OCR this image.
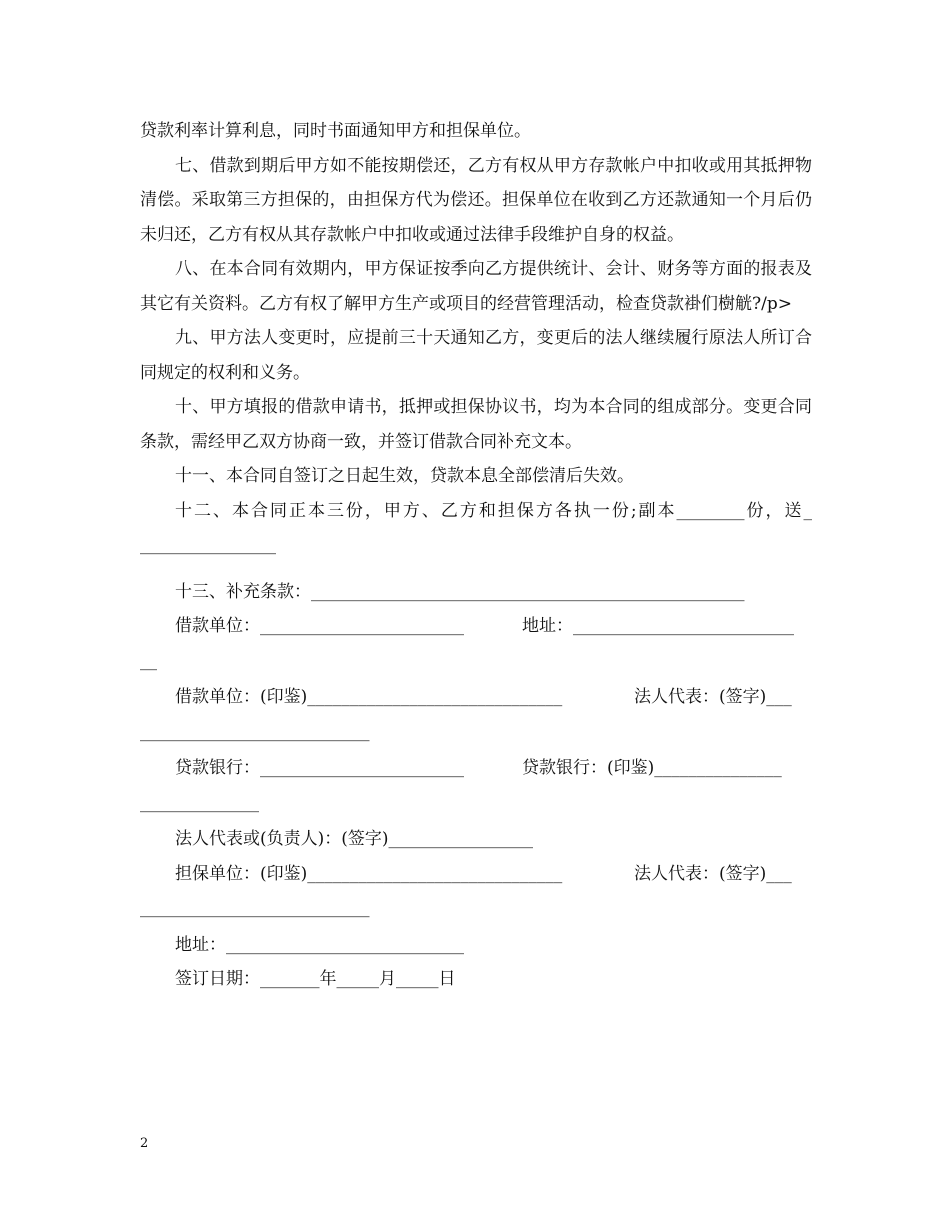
贷款利率计算利息，同时书面通知甲方和担保单位。

七、借款到期后甲方如不能按期偿还，乙方有权从甲方存款帐户中扣收或用其抵押物清偿。采取第三方担保的，由担保方代为偿还。担保单位在收到乙方还款通知一个月后仍未归还，乙方有权从其存款帐户中扣收或通过法律手段维护自身的权益。

八、在本合同有效期内，甲方保证按季向乙方提供统计、会计、财务等方面的报表及其它有关资料。乙方有权了解甲方生产或项目的经营管理活动，检查贷款褂们樹觥?/p>

九、甲方法人变更时，应提前三十天通知乙方，变更后的法人继续履行原法人所订合同规定的权利和义务。

十、甲方填报的借款申请书，抵押或担保协议书，均为本合同的组成部分。变更合同条款，需经甲乙双方协商一致，并签订借款合同补充文本。

十一、本合同自签订之日起生效，贷款本息全部偿清后失效。

十二、本合同正本三份，甲方、乙方和担保方各执一份;副本________份，送_ ________________

十三、补充条款：___________________________________________________
借款单位：________________________	地址：__________________________
__
借款单位：(印鉴)______________________________	法人代表：(签字)___
___________________________
贷款银行：________________________	贷款银行：(印鉴)_______________
______________
法人代表或(负责人)：(签字)_________________
担保单位：(印鉴)______________________________	法人代表：(签字)___
___________________________
地址：____________________________
签订日期：_______年_____月_____日
2
